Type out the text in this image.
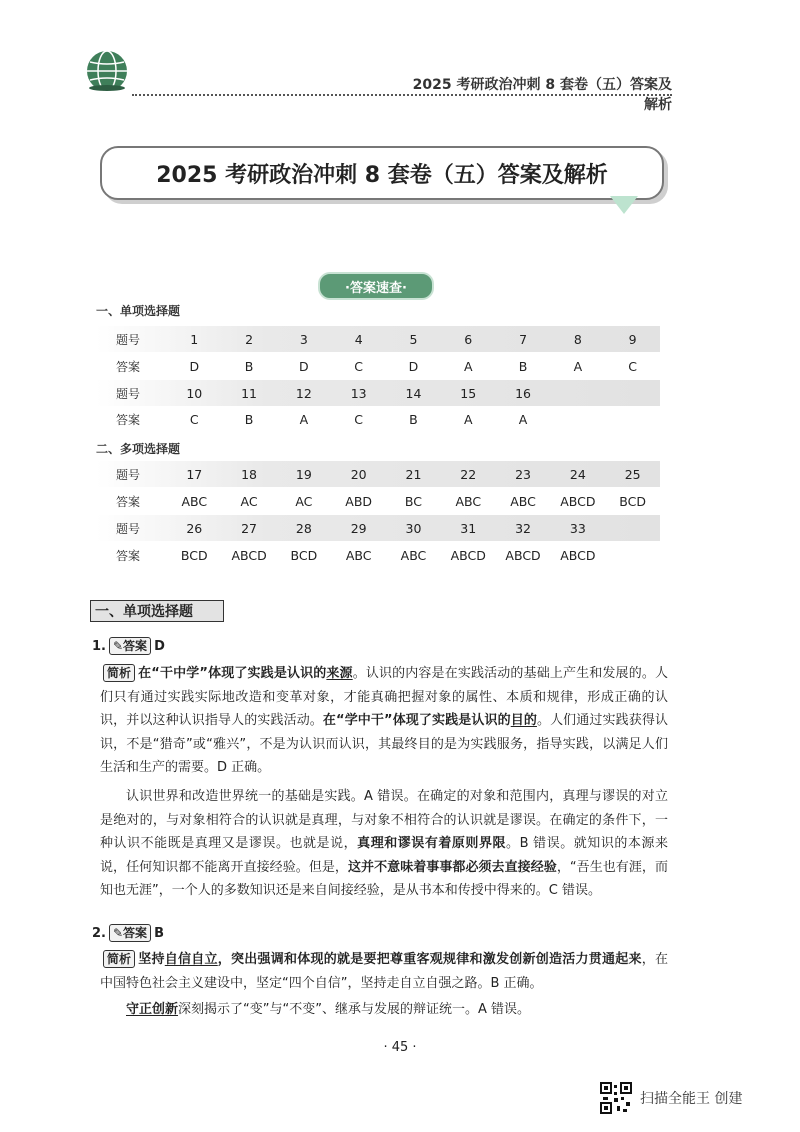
2025 考研政治冲刺 8 套卷（五）答案及解析
2025 考研政治冲刺 8 套卷（五）答案及解析
·答案速查·
一、单项选择题
题号	1	2	3	4	5	6	7	8	9
答案	D	B	D	C	D	A	B	A	C
题号	10	11	12	13	14	15	16
答案	C	B	A	C	B	A	A
二、多项选择题
题号	17	18	19	20	21	22	23	24	25
答案	ABC	AC	AC	ABD	BC	ABC	ABC	ABCD	BCD
题号	26	27	28	29	30	31	32	33
答案	BCD	ABCD	BCD	ABC	ABC	ABCD	ABCD	ABCD
一、单项选择题
1. ✎答案 D
简析 在“干中学”体现了实践是认识的来源。认识的内容是在实践活动的基础上产生和发展的。人们只有通过实践实际地改造和变革对象，才能真确把握对象的属性、本质和规律，形成正确的认识，并以这种认识指导人的实践活动。在“学中干”体现了实践是认识的目的。人们通过实践获得认识，不是“猎奇”或“雅兴”，不是为认识而认识，其最终目的是为实践服务，指导实践，以满足人们生活和生产的需要。D 正确。
认识世界和改造世界统一的基础是实践。A 错误。在确定的对象和范围内，真理与谬误的对立是绝对的，与对象相符合的认识就是真理，与对象不相符合的认识就是谬误。在确定的条件下，一种认识不能既是真理又是谬误。也就是说，真理和谬误有着原则界限。B 错误。就知识的本源来说，任何知识都不能离开直接经验。但是，这并不意味着事事都必须去直接经验，“吾生也有涯，而知也无涯”，一个人的多数知识还是来自间接经验，是从书本和传授中得来的。C 错误。
2. ✎答案 B
简析 坚持自信自立，突出强调和体现的就是要把尊重客观规律和激发创新创造活力贯通起来，在中国特色社会主义建设中，坚定“四个自信”，坚持走自立自强之路。B 正确。
守正创新深刻揭示了“变”与“不变”、继承与发展的辩证统一。A 错误。
· 45 ·
扫描全能王 创建
